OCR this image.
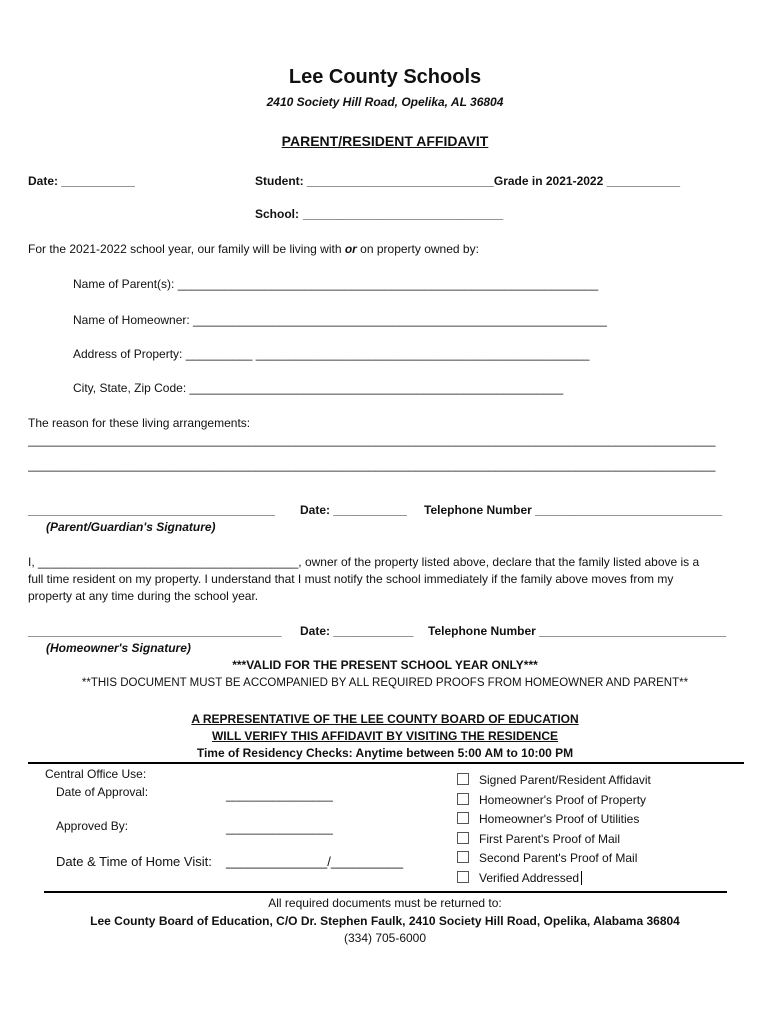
Lee County Schools
2410 Society Hill Road, Opelika, AL 36804
PARENT/RESIDENT AFFIDAVIT
Date: ___________	Student: ____________________________Grade in 2021-2022 ___________
School: ______________________________
For the 2021-2022 school year, our family will be living with or on property owned by:
Name of Parent(s): _______________________________________________________________
Name of Homeowner: ______________________________________________________________
Address of Property: __________ __________________________________________________
City, State, Zip Code: ________________________________________________________
The reason for these living arrangements:
_______________________________________________________________________________________________________
_______________________________________________________________________________________________________
_____________________________________ Date: ___________ Telephone Number ____________________________
(Parent/Guardian's Signature)
I, _______________________________________, owner of the property listed above, declare that the family listed above is a
full time resident on my property. I understand that I must notify the school immediately if the family above moves from my
property at any time during the school year.
______________________________________ Date: ____________ Telephone Number ____________________________
(Homeowner's Signature)
***VALID FOR THE PRESENT SCHOOL YEAR ONLY***
**THIS DOCUMENT MUST BE ACCOMPANIED BY ALL REQUIRED PROOFS FROM HOMEOWNER AND PARENT**
A REPRESENTATIVE OF THE LEE COUNTY BOARD OF EDUCATION
WILL VERIFY THIS AFFIDAVIT BY VISITING THE RESIDENCE
Time of Residency Checks: Anytime between 5:00 AM to 10:00 PM
Central Office Use:
Date of Approval:	________________
Approved By:	________________
Date & Time of Home Visit: ______________/__________
Signed Parent/Resident Affidavit
Homeowner's Proof of Property
Homeowner's Proof of Utilities
First Parent's Proof of Mail
Second Parent's Proof of Mail
Verified Addressed
All required documents must be returned to:
Lee County Board of Education, C/O Dr. Stephen Faulk, 2410 Society Hill Road, Opelika, Alabama 36804
(334) 705-6000
